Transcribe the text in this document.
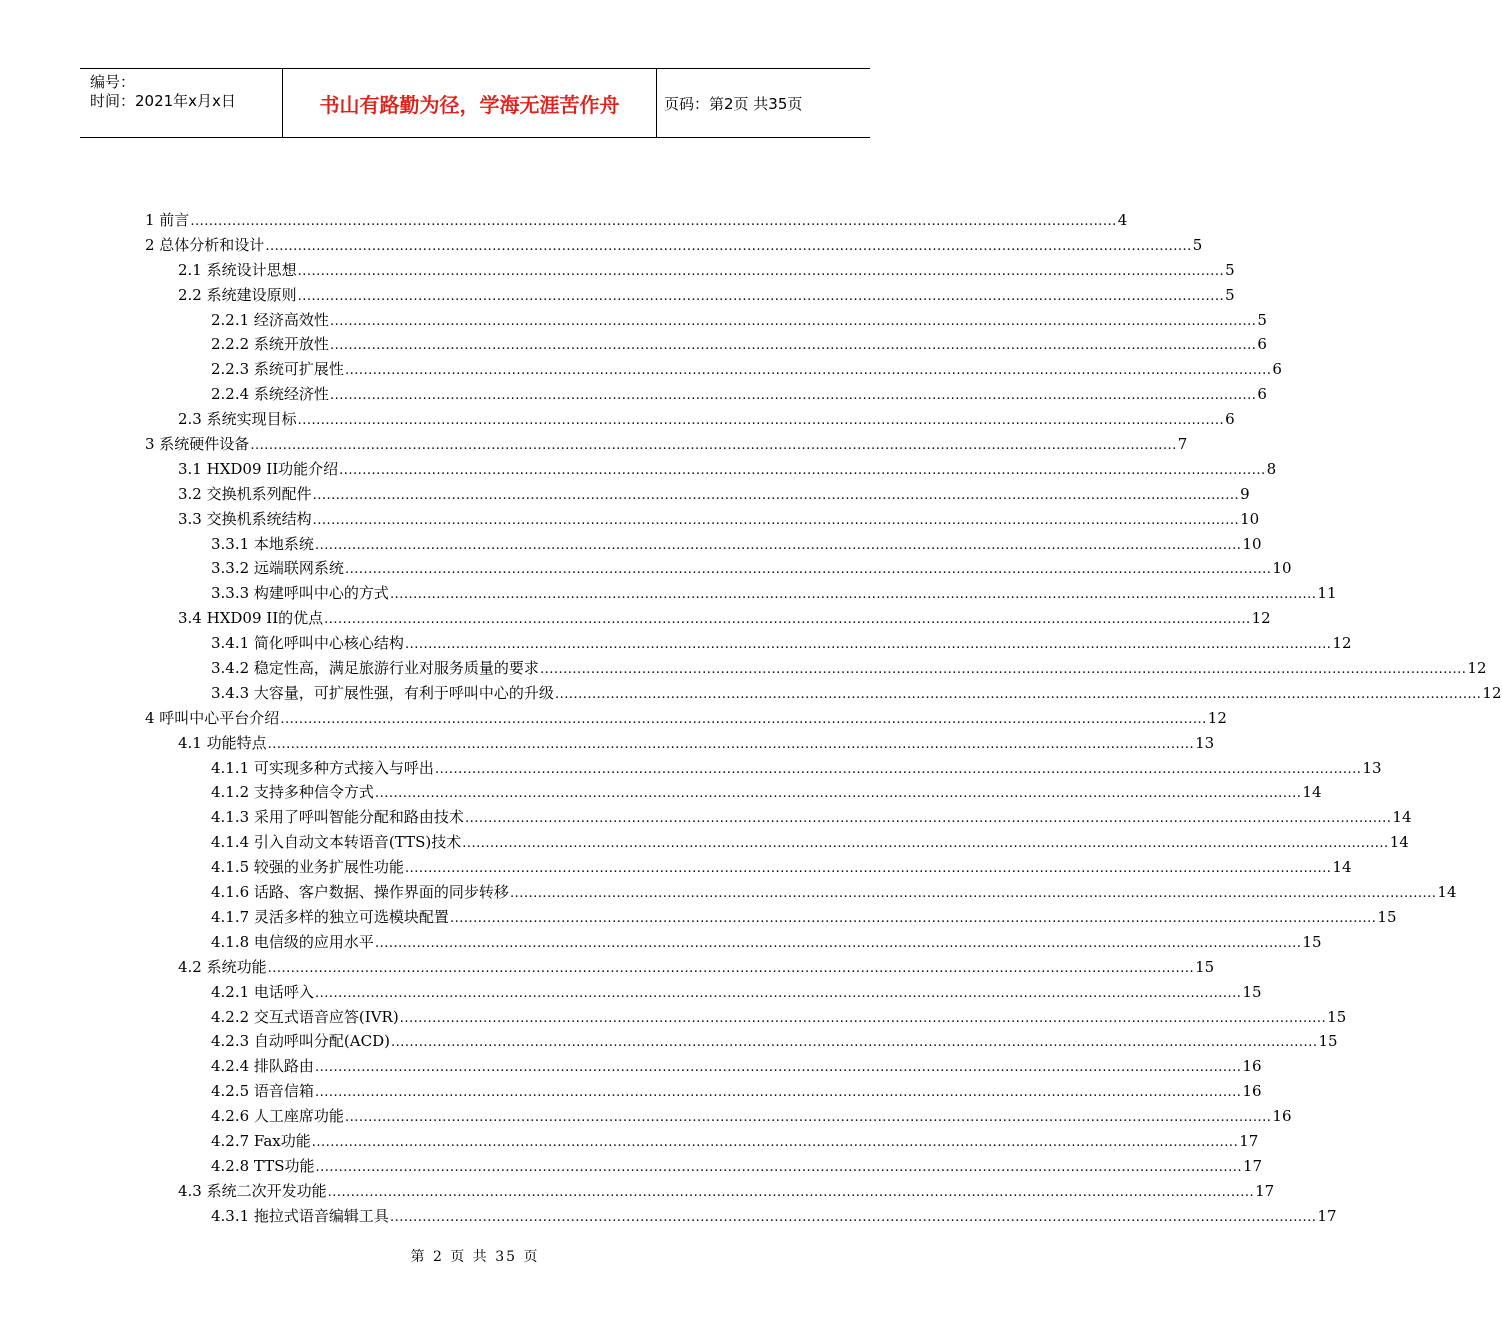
编号：
时间：2021年x月x日	书山有路勤为径，学海无涯苦作舟	页码：第2页 共35页
1 前言 ........................................................................................................................................................................................................ 4
2 总体分析和设计 ........................................................................................................................................................................................................ 5
2.1 系统设计思想 ........................................................................................................................................................................................................ 5
2.2 系统建设原则 ........................................................................................................................................................................................................ 5
2.2.1 经济高效性 ........................................................................................................................................................................................................ 5
2.2.2 系统开放性 ........................................................................................................................................................................................................ 6
2.2.3 系统可扩展性 ........................................................................................................................................................................................................ 6
2.2.4 系统经济性 ........................................................................................................................................................................................................ 6
2.3 系统实现目标 ........................................................................................................................................................................................................ 6
3 系统硬件设备 ........................................................................................................................................................................................................ 7
3.1 HXD09 II功能介绍 ........................................................................................................................................................................................................ 8
3.2 交换机系列配件 ........................................................................................................................................................................................................ 9
3.3 交换机系统结构 ........................................................................................................................................................................................................ 10
3.3.1 本地系统 ........................................................................................................................................................................................................ 10
3.3.2 远端联网系统 ........................................................................................................................................................................................................ 10
3.3.3 构建呼叫中心的方式 ........................................................................................................................................................................................................ 11
3.4 HXD09 II的优点 ........................................................................................................................................................................................................ 12
3.4.1 简化呼叫中心核心结构 ........................................................................................................................................................................................................ 12
3.4.2 稳定性高，满足旅游行业对服务质量的要求 ........................................................................................................................................................................................................ 12
3.4.3 大容量，可扩展性强，有利于呼叫中心的升级 ........................................................................................................................................................................................................ 12
4 呼叫中心平台介绍 ........................................................................................................................................................................................................ 12
4.1 功能特点 ........................................................................................................................................................................................................ 13
4.1.1 可实现多种方式接入与呼出 ........................................................................................................................................................................................................ 13
4.1.2 支持多种信令方式 ........................................................................................................................................................................................................ 14
4.1.3 采用了呼叫智能分配和路由技术 ........................................................................................................................................................................................................ 14
4.1.4 引入自动文本转语音(TTS)技术 ........................................................................................................................................................................................................ 14
4.1.5 较强的业务扩展性功能 ........................................................................................................................................................................................................ 14
4.1.6 话路、客户数据、操作界面的同步转移 ........................................................................................................................................................................................................ 14
4.1.7 灵活多样的独立可选模块配置 ........................................................................................................................................................................................................ 15
4.1.8 电信级的应用水平 ........................................................................................................................................................................................................ 15
4.2 系统功能 ........................................................................................................................................................................................................ 15
4.2.1 电话呼入 ........................................................................................................................................................................................................ 15
4.2.2 交互式语音应答(IVR) ........................................................................................................................................................................................................ 15
4.2.3 自动呼叫分配(ACD) ........................................................................................................................................................................................................ 15
4.2.4 排队路由 ........................................................................................................................................................................................................ 16
4.2.5 语音信箱 ........................................................................................................................................................................................................ 16
4.2.6 人工座席功能 ........................................................................................................................................................................................................ 16
4.2.7 Fax功能 ........................................................................................................................................................................................................ 17
4.2.8 TTS功能 ........................................................................................................................................................................................................ 17
4.3 系统二次开发功能 ........................................................................................................................................................................................................ 17
4.3.1 拖拉式语音编辑工具 ........................................................................................................................................................................................................ 17
第 2 页 共 35 页
